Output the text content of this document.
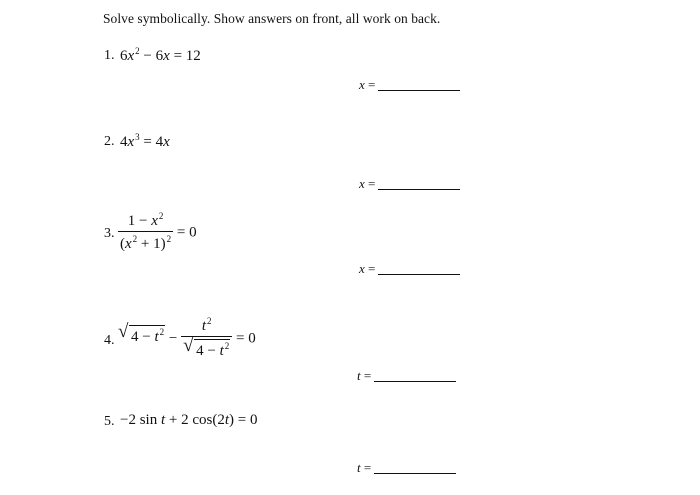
Solve symbolically. Show answers on front, all work on back.
1. $6x^2 - 6x = 12$
x =
2. $4x^3 = 4x$
x =
3. $\frac{1 - x^2}{(x^2 + 1)^2} = 0$
x =
4. √ $4 - t^2 - \frac{t^2}{√ 4 - t^2} = 0$
t =
5. −2 sin t + 2 cos(2t) = 0
t =
